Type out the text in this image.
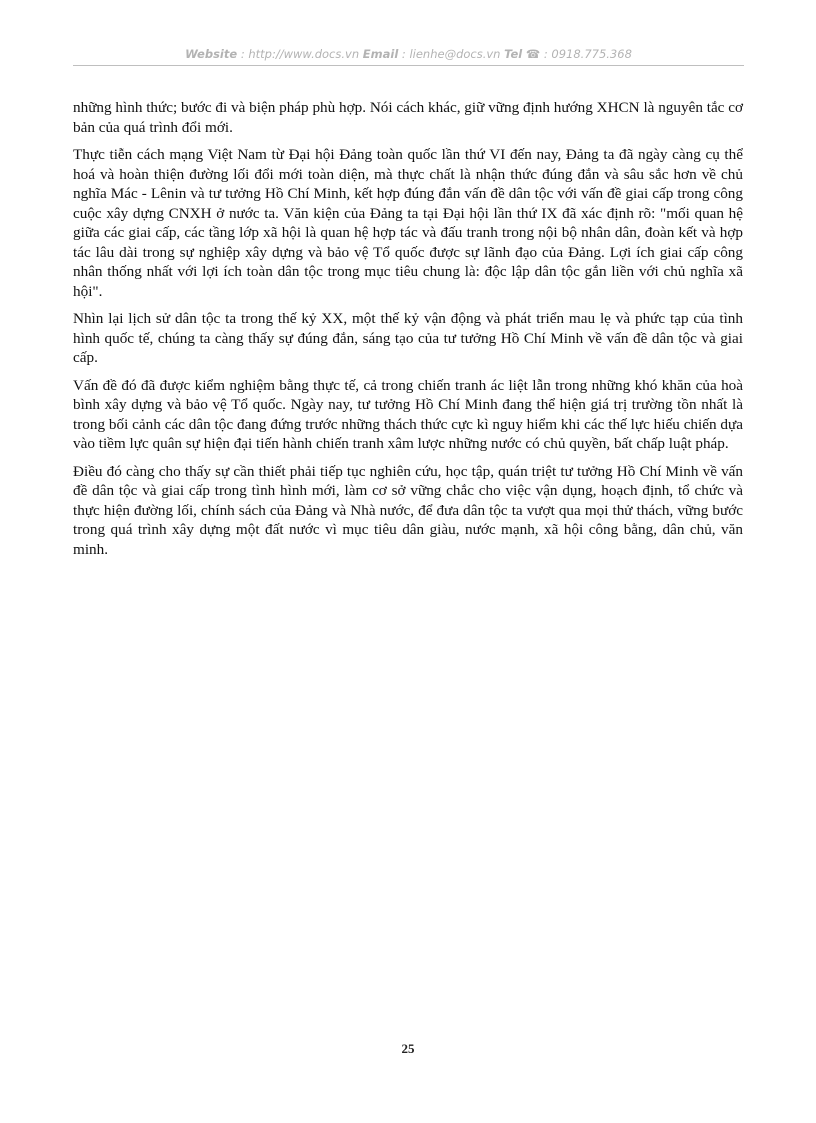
Website : http://www.docs.vn Email : lienhe@docs.vn Tel ☎ : 0918.775.368

những hình thức; bước đi và biện pháp phù hợp. Nói cách khác, giữ vững định hướng XHCN là nguyên tắc cơ bản của quá trình đổi mới.

Thực tiễn cách mạng Việt Nam từ Đại hội Đảng toàn quốc lần thứ VI đến nay, Đảng ta đã ngày càng cụ thể hoá và hoàn thiện đường lối đổi mới toàn diện, mà thực chất là nhận thức đúng đắn và sâu sắc hơn về chủ nghĩa Mác - Lênin và tư tưởng Hồ Chí Minh, kết hợp đúng đắn vấn đề dân tộc với vấn đề giai cấp trong công cuộc xây dựng CNXH ở nước ta. Văn kiện của Đảng ta tại Đại hội lần thứ IX đã xác định rõ: "mối quan hệ giữa các giai cấp, các tầng lớp xã hội là quan hệ hợp tác và đấu tranh trong nội bộ nhân dân, đoàn kết và hợp tác lâu dài trong sự nghiệp xây dựng và bảo vệ Tổ quốc được sự lãnh đạo của Đảng. Lợi ích giai cấp công nhân thống nhất với lợi ích toàn dân tộc trong mục tiêu chung là: độc lập dân tộc gắn liền với chủ nghĩa xã hội".

Nhìn lại lịch sử dân tộc ta trong thế kỷ XX, một thế kỷ vận động và phát triển mau lẹ và phức tạp của tình hình quốc tế, chúng ta càng thấy sự đúng đắn, sáng tạo của tư tưởng Hồ Chí Minh về vấn đề dân tộc và giai cấp.

Vấn đề đó đã được kiểm nghiệm bằng thực tế, cả trong chiến tranh ác liệt lẫn trong những khó khăn của hoà bình xây dựng và bảo vệ Tổ quốc. Ngày nay, tư tưởng Hồ Chí Minh đang thể hiện giá trị trường tồn nhất là trong bối cảnh các dân tộc đang đứng trước những thách thức cực kì nguy hiểm khi các thế lực hiếu chiến dựa vào tiềm lực quân sự hiện đại tiến hành chiến tranh xâm lược những nước có chủ quyền, bất chấp luật pháp.

Điều đó càng cho thấy sự cần thiết phải tiếp tục nghiên cứu, học tập, quán triệt tư tưởng Hồ Chí Minh về vấn đề dân tộc và giai cấp trong tình hình mới, làm cơ sở vững chắc cho việc vận dụng, hoạch định, tổ chức và thực hiện đường lối, chính sách của Đảng và Nhà nước, để đưa dân tộc ta vượt qua mọi thử thách, vững bước trong quá trình xây dựng một đất nước vì mục tiêu dân giàu, nước mạnh, xã hội công bằng, dân chủ, văn minh.

25
